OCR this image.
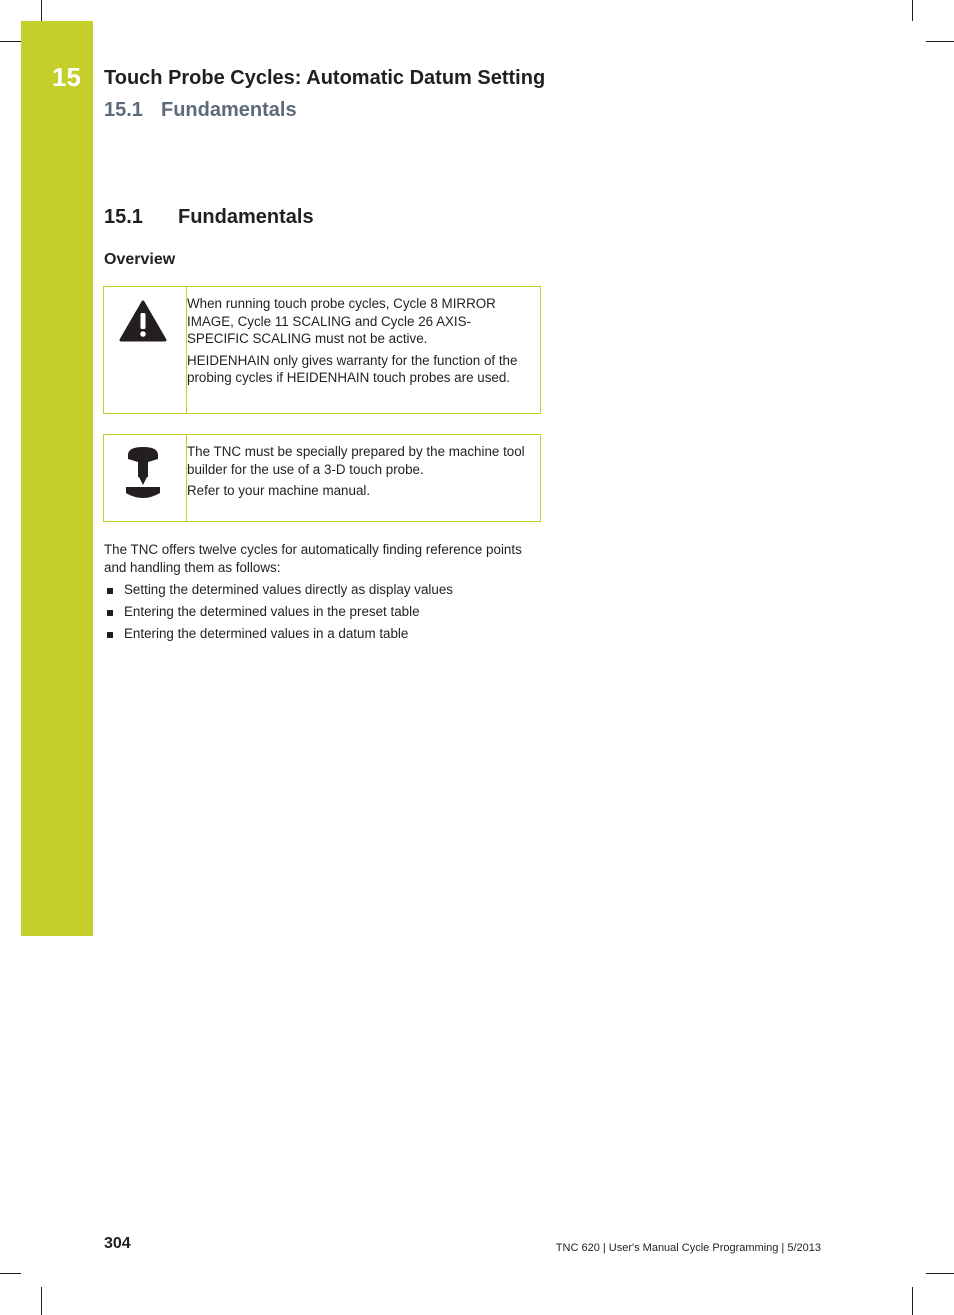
15 Touch Probe Cycles: Automatic Datum Setting
15.1 Fundamentals
15.1 Fundamentals
Overview

When running touch probe cycles, Cycle 8 MIRROR IMAGE, Cycle 11 SCALING and Cycle 26 AXIS-SPECIFIC SCALING must not be active.

HEIDENHAIN only gives warranty for the function of the probing cycles if HEIDENHAIN touch probes are used.

The TNC must be specially prepared by the machine tool builder for the use of a 3-D touch probe.

Refer to your machine manual.

The TNC offers twelve cycles for automatically finding reference points and handling them as follows:

Setting the determined values directly as display values
Entering the determined values in the preset table
Entering the determined values in a datum table
304	TNC 620 | User's Manual Cycle Programming | 5/2013
